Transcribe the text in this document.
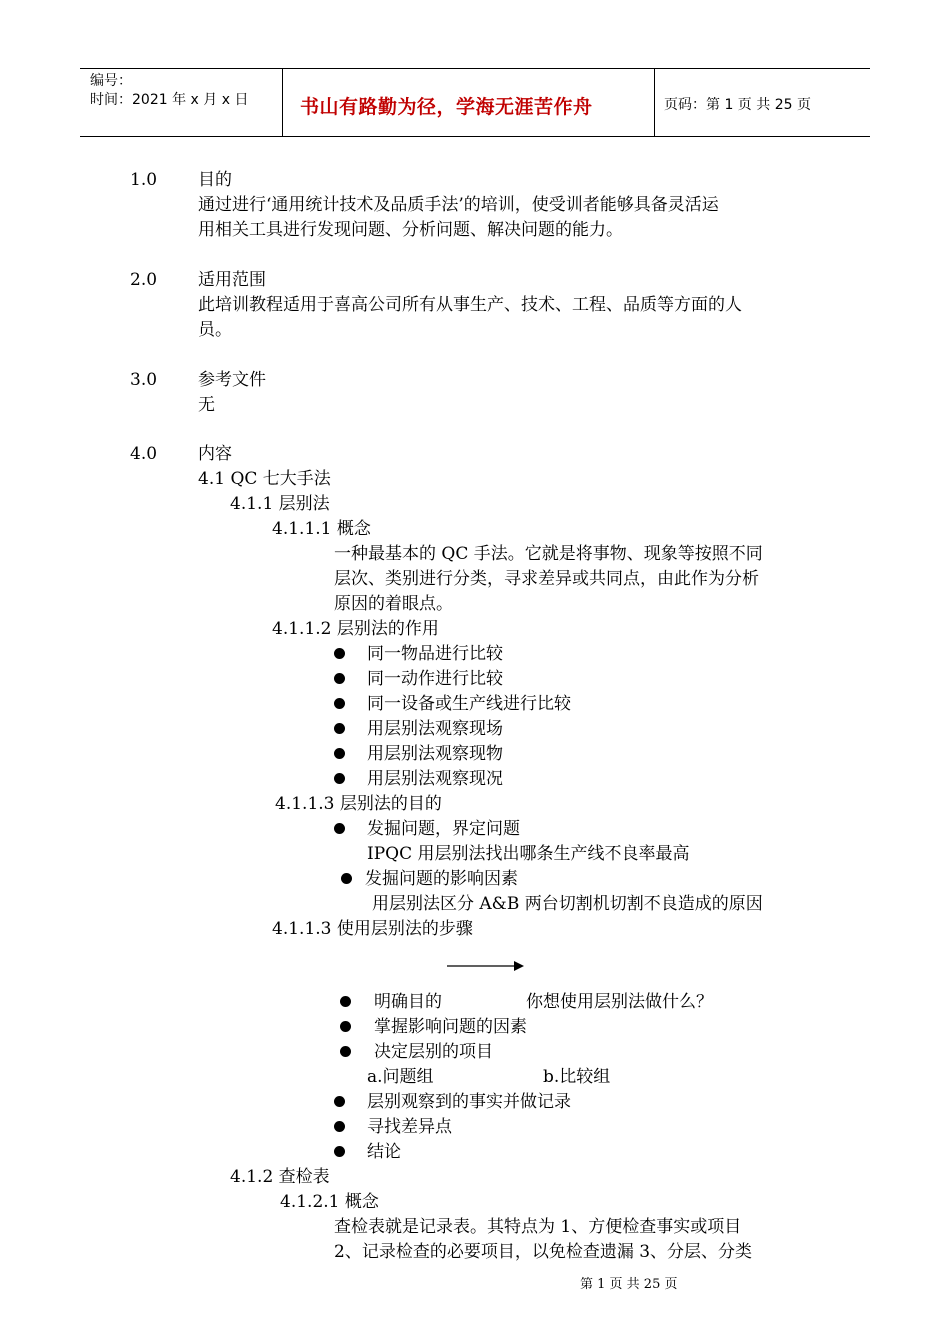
编号：
时间：2021 年 x 月 x 日	书山有路勤为径，学海无涯苦作舟	页码：第 1 页 共 25 页
1.0 目的
通过进行‘通用统计技术及品质手法’的培训，使受训者能够具备灵活运
用相关工具进行发现问题、分析问题、解决问题的能力。
2.0 适用范围
此培训教程适用于喜高公司所有从事生产、技术、工程、品质等方面的人
员。
3.0 参考文件
无
4.0 内容
4.1 QC 七大手法
4.1.1 层别法
4.1.1.1 概念
一种最基本的 QC 手法。它就是将事物、现象等按照不同
层次、类别进行分类，寻求差异或共同点，由此作为分析
原因的着眼点。
4.1.1.2 层别法的作用
同一物品进行比较
同一动作进行比较
同一设备或生产线进行比较
用层别法观察现场
用层别法观察现物
用层别法观察现况
4.1.1.3 层别法的目的
发掘问题，界定问题
IPQC 用层别法找出哪条生产线不良率最高
发掘问题的影响因素
用层别法区分 A&B 两台切割机切割不良造成的原因
4.1.1.3 使用层别法的步骤
明确目的	你想使用层别法做什么？
掌握影响问题的因素
决定层别的项目
a.问题组	b.比较组
层别观察到的事实并做记录
寻找差异点
结论
4.1.2 查检表
4.1.2.1 概念
查检表就是记录表。其特点为 1、方便检查事实或项目
2、记录检查的必要项目，以免检查遗漏 3、分层、分类
第 1 页 共 25 页
